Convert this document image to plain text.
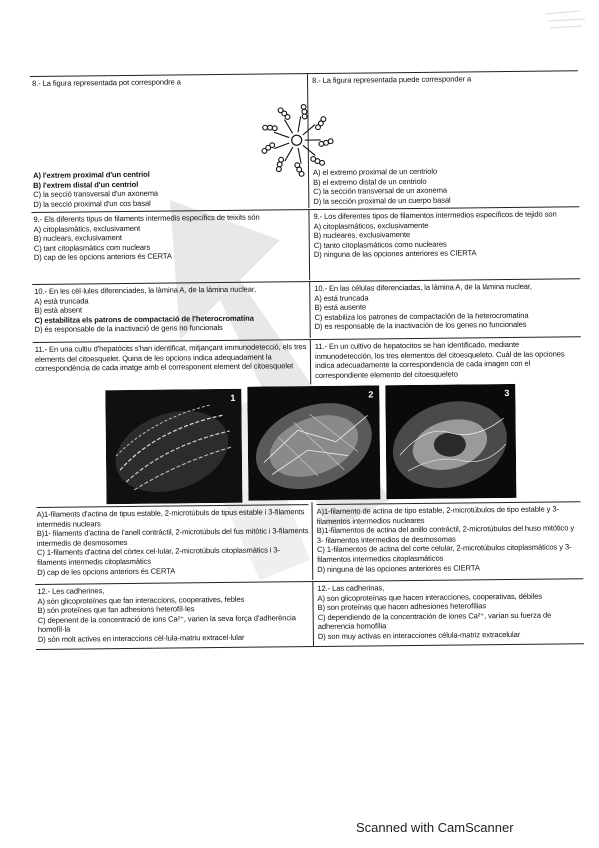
8.- La figura representada pot correspondre a	8.- La figura representada puede corresponder a
A) l'extrem proximal d'un centriol
B) l'extrem distal d'un centriol
C) la secció transversal d'un axonema
D) la secció proximal d'un cos basal
A) el extremo proximal de un centriolo
B) el extremo distal de un centriolo
C) la sección transversal de un axonema
D) la sección proximal de un cuerpo basal
9.- Els diferents tipus de filaments intermedis específics de teixits són
A) citoplasmàtics, exclusivament
B) nuclears, exclusivament
C) tant citoplasmàtics com nuclears
D) cap de les opcions anteriors és CERTA
9.- Los diferentes tipos de filamentos intermedios específicos de tejido son
A) citoplasmáticos, exclusivamente
B) nucleares, exclusivamente
C) tanto citoplasmáticos como nucleares
D) ninguna de las opciones anteriores es CIERTA
10.- En les cèl·lules diferenciades, la làmina A, de la làmina nuclear,
A) està truncada
B) està absent
C) estabilitza els patrons de compactació de l'heterocromatina
D) és responsable de la inactivació de gens no funcionals
10.- En las células diferenciadas, la lámina A, de la lámina nuclear,
A) está truncada
B) está ausente
C) estabiliza los patrones de compactación de la heterocromatina
D) es responsable de la inactivación de los genes no funcionales
11.- En una cultiu d'hepatòcits s'han identificat, mitjançant immunodetecció, els tres elements del citoesquelet. Quina de les opcions indica adequadament la correspondència de cada imatge amb el corresponent element del citoesquelet
11.- En un cultivo de hepatocitos se han identificado, mediante inmunodetección, los tres elementos del citoesqueleto. Cuál de las opciones indica adecuadamente la correspondencia de cada imagen con el correspondiente elemento del citoesqueleto
1	2	3
A)1-filaments d'actina de tipus estable, 2-microtúbuls de tipus estable i 3-filaments intermedis nuclears
B)1- filaments d'actina de l'anell contràctil, 2-microtúbuls del fus mitòtic i 3-filaments intermedis de desmosomes
C) 1-filaments d'actina del còrtex cel·lular, 2-microtúbuls citoplasmàtics i 3-filaments intermedis citoplasmàtics
D) cap de les opcions anteriors és CERTA
A)1-filamento de actina de tipo estable, 2-microtúbulos de tipo estable y 3-filamentos intermedios nucleares
B)1-filamentos de actina del anillo contráctil, 2-microtúbulos del huso mitótico y 3- filamentos intermedios de desmosomas
C) 1-filamentos de actina del corte celular, 2-microtúbulos citoplasmáticos y 3-filamentos intermedios citoplasmáticos
D) ninguna de las opciones anteriores es CIERTA
12.- Les cadherines,
A) són glicoproteïnes que fan interaccions, cooperatives, febles
B) són proteïnes que fan adhesions heterofíl·les
C) depenent de la concentració de ions Ca²⁺, varien la seva força d'adherència homofíl·la
D) són molt actives en interaccions cèl·lula-matriu extracel·lular
12.- Las cadherinas,
A) son glicoproteínas que hacen interacciones, cooperativas, débiles
B) son proteínas que hacen adhesiones heterofílias
C) dependiendo de la concentración de iones Ca²⁺, varían su fuerza de adherencia homofília
D) son muy activas en interacciones célula-matriz extracelular
Scanned with CamScanner
